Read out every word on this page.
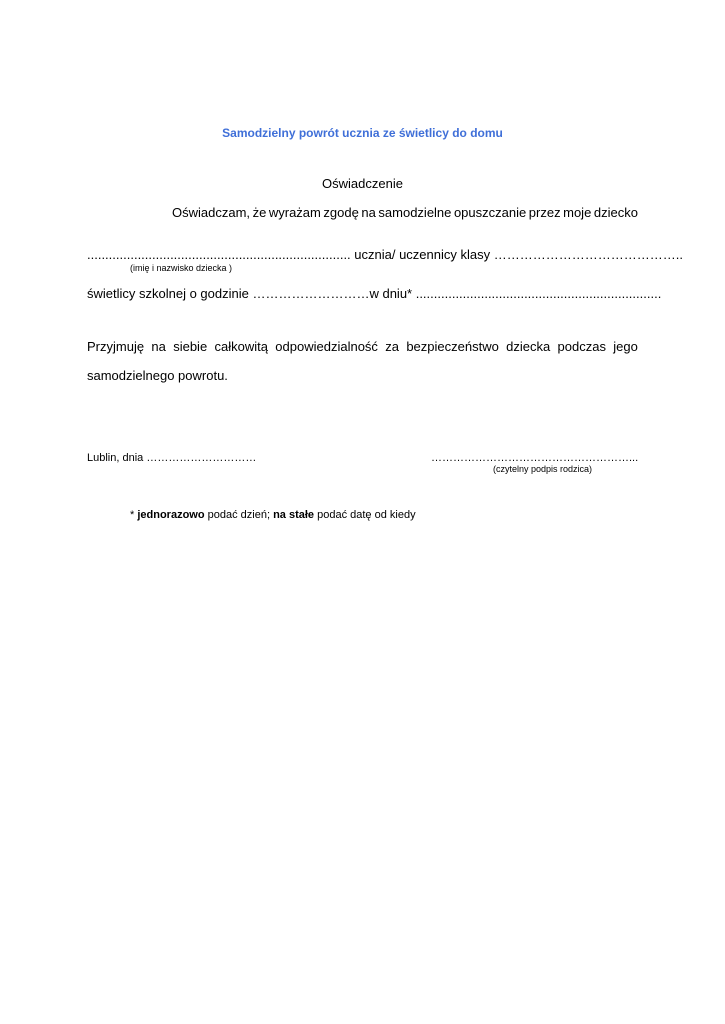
Samodzielny powrót ucznia ze świetlicy do domu
Oświadczenie
Oświadczam, że wyrażam zgodę na samodzielne opuszczanie przez moje dziecko
......................................................................... ucznia/ uczennicy klasy ……………………………………..
(imię i nazwisko dziecka )
świetlicy szkolnej o godzinie ………………………w dniu* ....................................................................
Przyjmuję na siebie całkowitą odpowiedzialność za bezpieczeństwo dziecka podczas jego
samodzielnego powrotu.
Lublin, dnia …………………………	………………………………………………...
(czytelny podpis rodzica)
* jednorazowo podać dzień; na stałe podać datę od kiedy
